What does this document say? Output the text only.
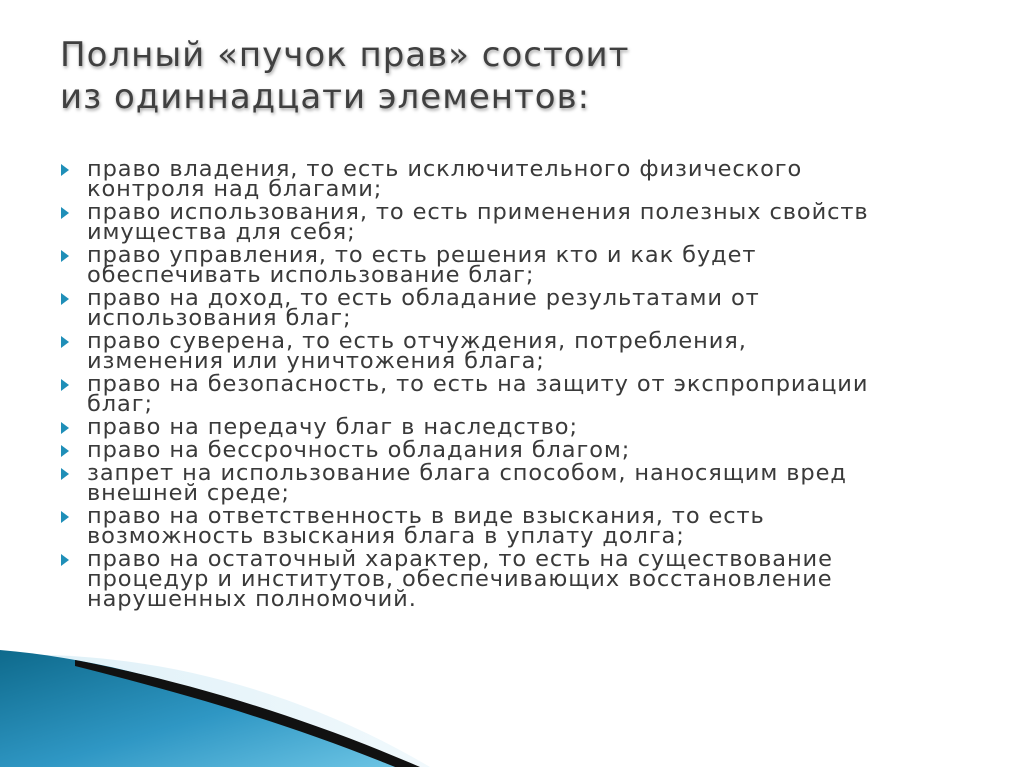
Полный «пучок прав» состоит
из одиннадцати элементов:
право владения, то есть исключительного физического
контроля над благами;
право использования, то есть применения полезных свойств
имущества для себя;
право управления, то есть решения кто и как будет
обеспечивать использование благ;
право на доход, то есть обладание результатами от
использования благ;
право суверена, то есть отчуждения, потребления,
изменения или уничтожения блага;
право на безопасность, то есть на защиту от экспроприации
благ;
право на передачу благ в наследство;
право на бессрочность обладания благом;
запрет на использование блага способом, наносящим вред
внешней среде;
право на ответственность в виде взыскания, то есть
возможность взыскания блага в уплату долга;
право на остаточный характер, то есть на существование
процедур и институтов, обеспечивающих восстановление
нарушенных полномочий.
